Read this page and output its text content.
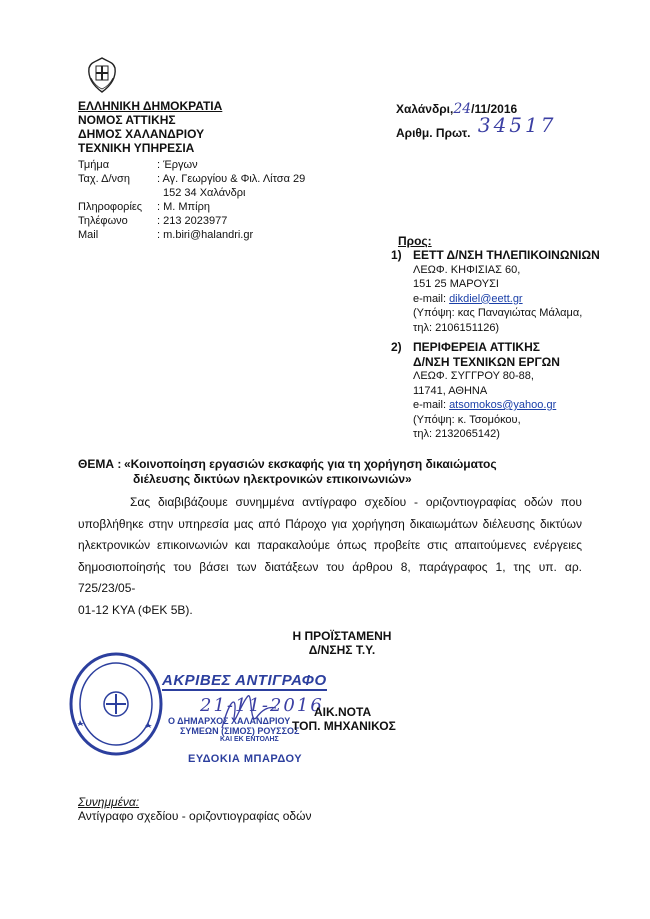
ΕΛΛΗΝΙΚΗ ΔΗΜΟΚΡΑΤΙΑ
ΝΟΜΟΣ ΑΤΤΙΚΗΣ
ΔΗΜΟΣ ΧΑΛΑΝΔΡΙΟΥ
ΤΕΧΝΙΚΗ ΥΠΗΡΕΣΙΑ
Χαλάνδρι,24/11/2016
Αριθμ. Πρωτ. 34517
Τμήμα	: Έργων
Ταχ. Δ/νση	: Αγ. Γεωργίου & Φιλ. Λίτσα 29
152 34 Χαλάνδρι
Πληροφορίες	: Μ. Μπίρη
Τηλέφωνο	: 213 2023977
Mail	: m.biri@halandri.gr	Προς:
1) ΕΕΤΤ Δ/ΝΣΗ ΤΗΛΕΠΙΚΟΙΝΩΝΙΩΝ
ΛΕΩΦ. ΚΗΦΙΣΙΑΣ 60,
151 25 ΜΑΡΟΥΣΙ
e-mail: dikdiel@eett.gr
(Υπόψη: κας Παναγιώτας Μάλαμα,
τηλ: 2106151126)
2) ΠΕΡΙΦΕΡΕΙΑ ΑΤΤΙΚΗΣ
Δ/ΝΣΗ ΤΕΧΝΙΚΩΝ ΕΡΓΩΝ
ΛΕΩΦ. ΣΥΓΓΡΟΥ 80-88,
11741, ΑΘΗΝΑ
e-mail: atsomokos@yahoo.gr
(Υπόψη: κ. Τσομόκου,
τηλ: 2132065142)
ΘΕΜΑ : «Κοινοποίηση εργασιών εκσκαφής για τη χορήγηση δικαιώματος
διέλευσης δικτύων ηλεκτρονικών επικοινωνιών»
Σας διαβιβάζουμε συνημμένα αντίγραφο σχεδίου - οριζοντιογραφίας οδών που
υποβλήθηκε στην υπηρεσία μας από Πάροχο για χορήγηση δικαιωμάτων διέλευσης δικτύων
ηλεκτρονικών επικοινωνιών και παρακαλούμε όπως προβείτε στις απαιτούμενες ενέργειες
δημοσιοποίησής του βάσει των διατάξεων του άρθρου 8, παράγραφος 1, της υπ. αρ. 725/23/05-
01-12 ΚΥΑ (ΦΕΚ 5Β).
Η ΠΡΟΪΣΤΑΜΕΝΗ
Δ/ΝΣΗΣ Τ.Υ.
ΑΚΡΙΒΕΣ ΑΝΤΙΓΡΑΦΟ
21-11-2016
Ο ΔΗΜΑΡΧΟΣ ΧΑΛΑΝΔΡΙΟΥ
ΣΥΜΕΩΝ (ΣΙΜΟΣ) ΡΟΥΣΣΟΣ
ΚΑΙ ΕΚ ΕΝΤΟΛΗΣ
ΕΥΔΟΚΙΑ ΜΠΑΡΔΟΥ
ΑΙΚ.ΝΟΤΑ
ΤΟΠ. ΜΗΧΑΝΙΚΟΣ
Συνημμένα:
Αντίγραφο σχεδίου - οριζοντιογραφίας οδών
